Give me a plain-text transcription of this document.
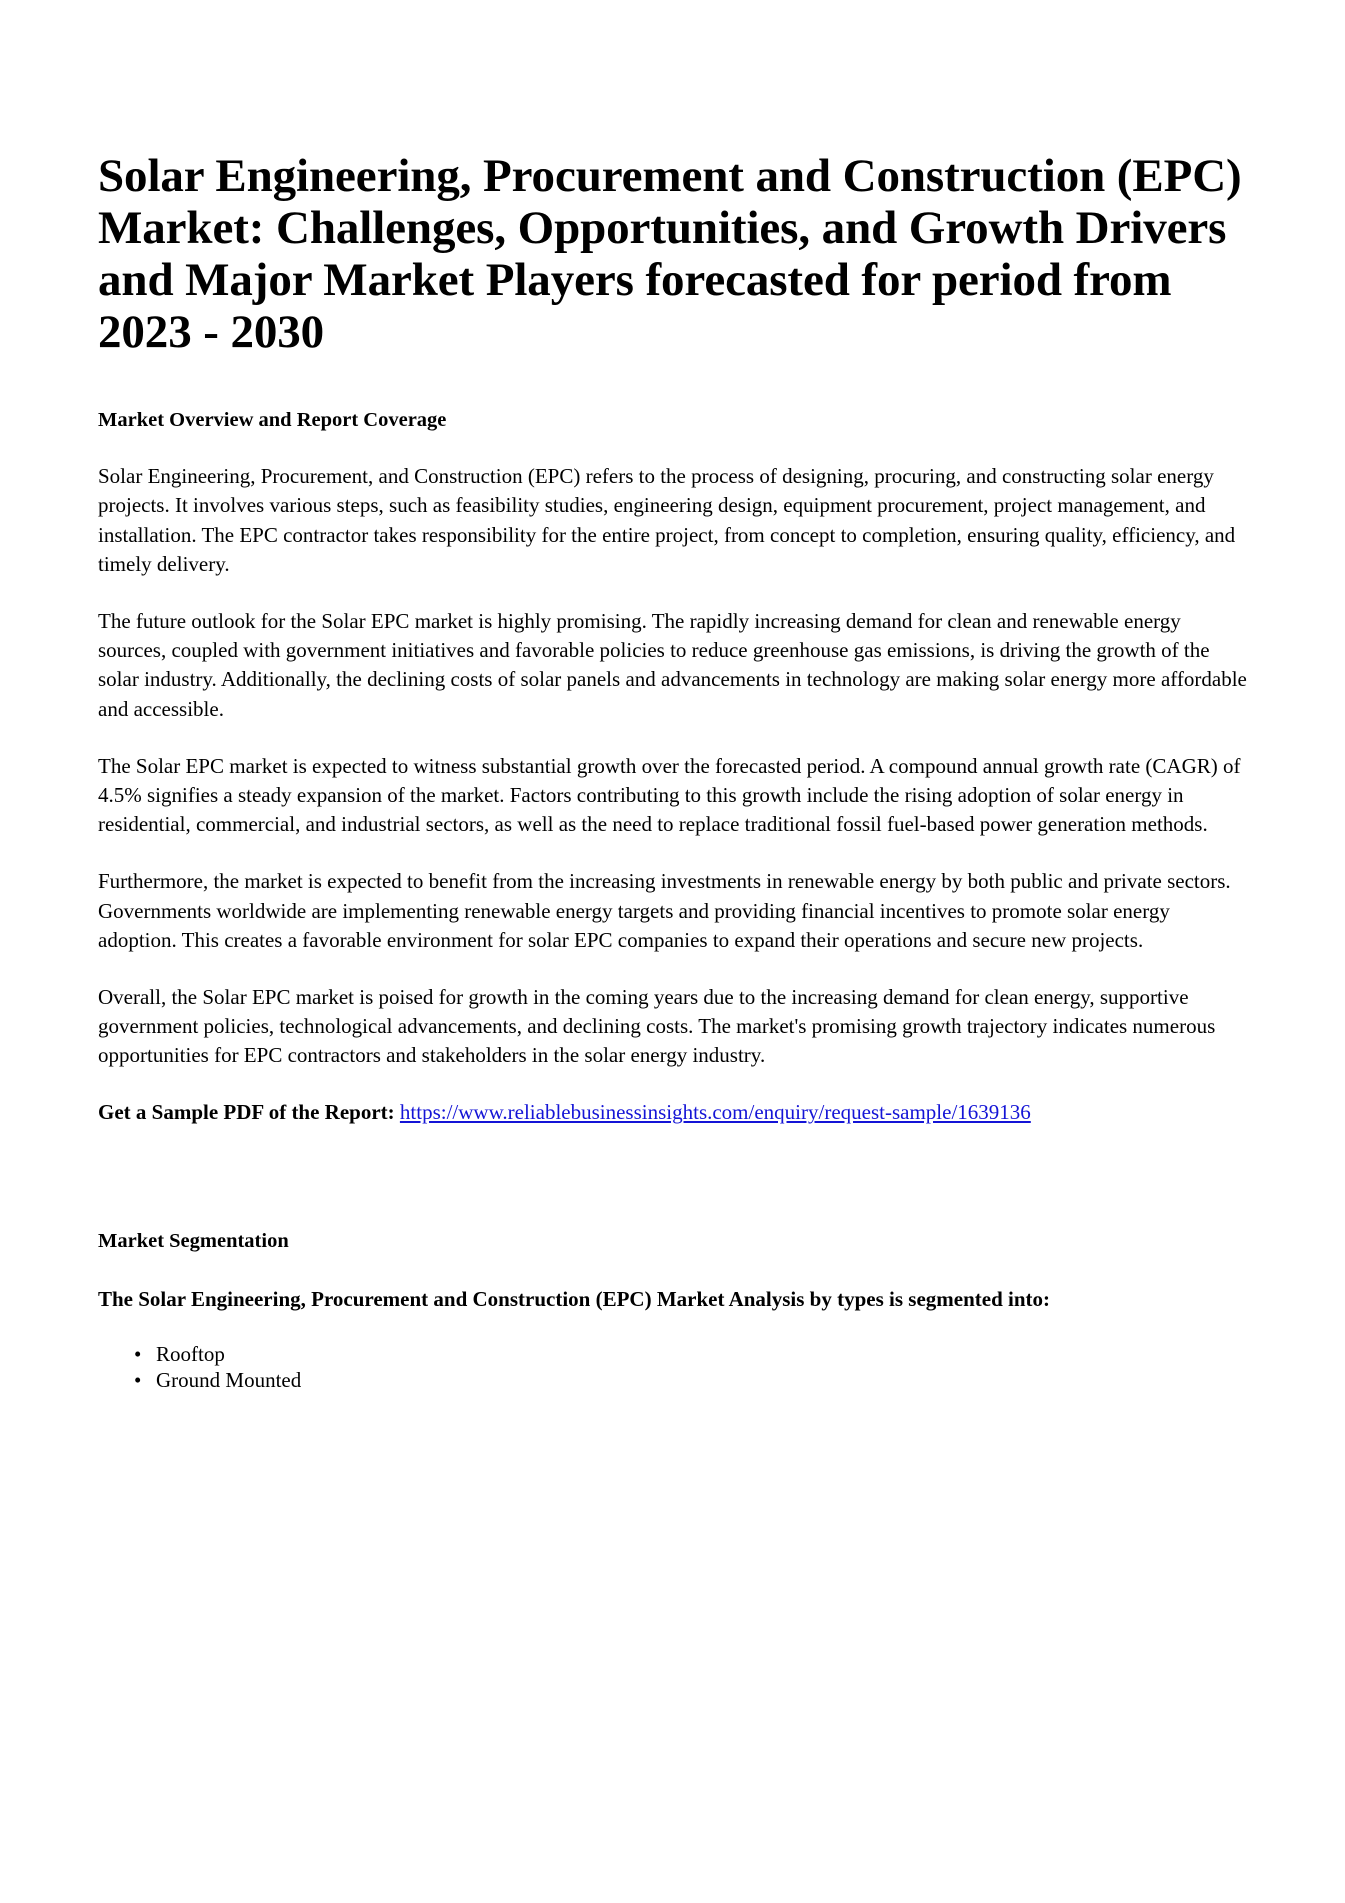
Solar Engineering, Procurement and Construction (EPC) Market: Challenges, Opportunities, and Growth Drivers and Major Market Players forecasted for period from 2023 - 2030
Market Overview and Report Coverage

Solar Engineering, Procurement, and Construction (EPC) refers to the process of designing, procuring, and constructing solar energy projects. It involves various steps, such as feasibility studies, engineering design, equipment procurement, project management, and installation. The EPC contractor takes responsibility for the entire project, from concept to completion, ensuring quality, efficiency, and timely delivery.

The future outlook for the Solar EPC market is highly promising. The rapidly increasing demand for clean and renewable energy sources, coupled with government initiatives and favorable policies to reduce greenhouse gas emissions, is driving the growth of the solar industry. Additionally, the declining costs of solar panels and advancements in technology are making solar energy more affordable and accessible.

The Solar EPC market is expected to witness substantial growth over the forecasted period. A compound annual growth rate (CAGR) of 4.5% signifies a steady expansion of the market. Factors contributing to this growth include the rising adoption of solar energy in residential, commercial, and industrial sectors, as well as the need to replace traditional fossil fuel-based power generation methods.

Furthermore, the market is expected to benefit from the increasing investments in renewable energy by both public and private sectors. Governments worldwide are implementing renewable energy targets and providing financial incentives to promote solar energy adoption. This creates a favorable environment for solar EPC companies to expand their operations and secure new projects.

Overall, the Solar EPC market is poised for growth in the coming years due to the increasing demand for clean energy, supportive government policies, technological advancements, and declining costs. The market's promising growth trajectory indicates numerous opportunities for EPC contractors and stakeholders in the solar energy industry.

Get a Sample PDF of the Report: https://www.reliablebusinessinsights.com/enquiry/request-sample/1639136

Market Segmentation

The Solar Engineering, Procurement and Construction (EPC) Market Analysis by types is segmented into:

• Rooftop
• Ground Mounted
